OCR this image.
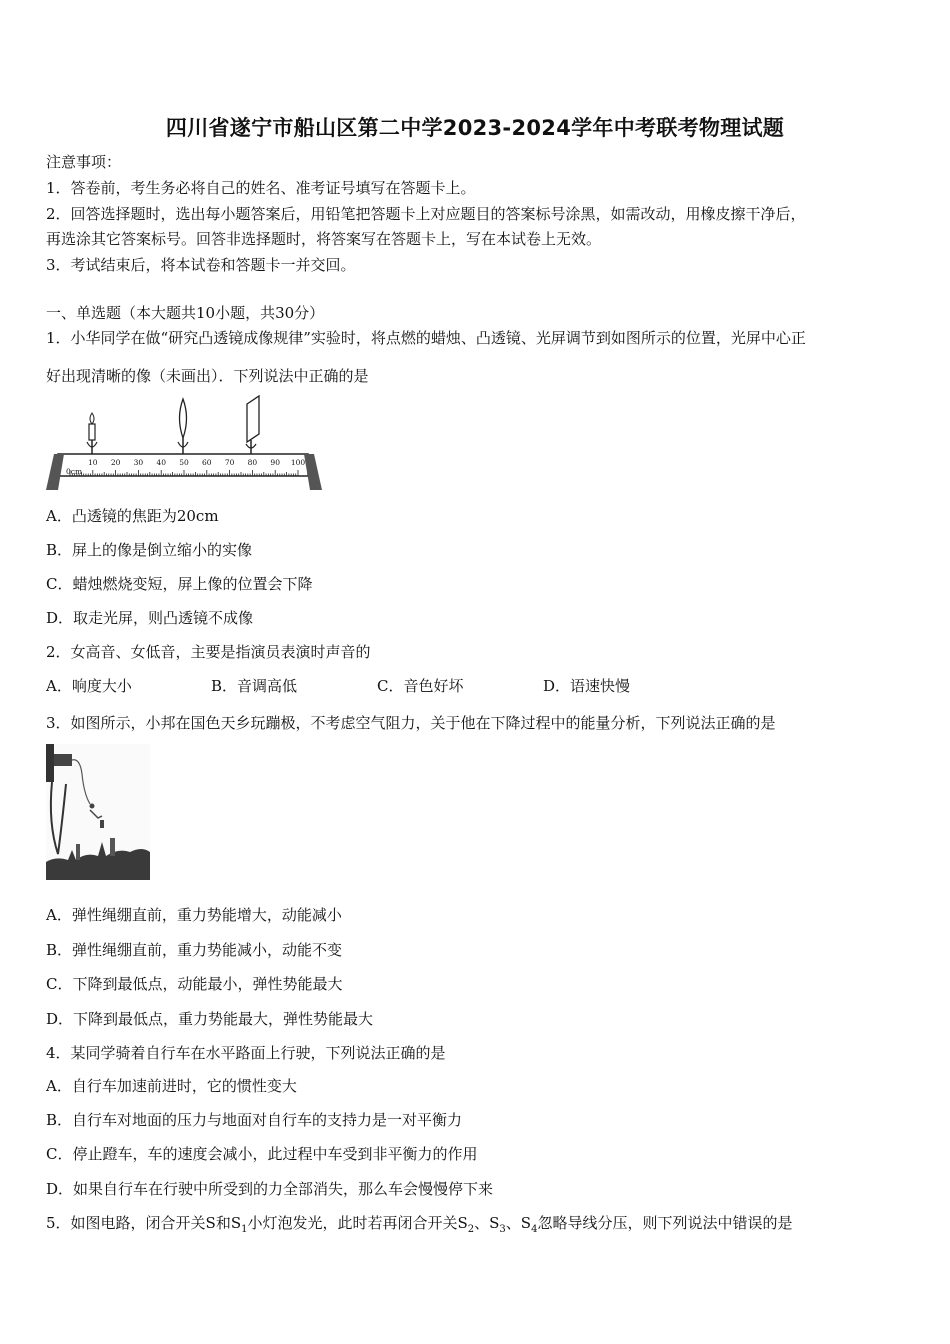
四川省遂宁市船山区第二中学2023-2024学年中考联考物理试题
注意事项：
1．答卷前，考生务必将自己的姓名、准考证号填写在答题卡上。
2．回答选择题时，选出每小题答案后，用铅笔把答题卡上对应题目的答案标号涂黑，如需改动，用橡皮擦干净后，
再选涂其它答案标号。回答非选择题时，将答案写在答题卡上，写在本试卷上无效。
3．考试结束后，将本试卷和答题卡一并交回。
一、单选题（本大题共10小题，共30分）
1．小华同学在做“研究凸透镜成像规律”实验时，将点燃的蜡烛、凸透镜、光屏调节到如图所示的位置，光屏中心正
好出现清晰的像（未画出）．下列说法中正确的是
0cm
10 20 30 40 50 60 70 80 90 100
A．凸透镜的焦距为20cm
B．屏上的像是倒立缩小的实像
C．蜡烛燃烧变短，屏上像的位置会下降
D．取走光屏，则凸透镜不成像
2．女高音、女低音，主要是指演员表演时声音的
A．响度大小	B．音调高低	C．音色好坏	D．语速快慢
3．如图所示，小邦在国色天乡玩蹦极，不考虑空气阻力，关于他在下降过程中的能量分析，下列说法正确的是
A．弹性绳绷直前，重力势能增大，动能减小
B．弹性绳绷直前，重力势能减小，动能不变
C．下降到最低点，动能最小，弹性势能最大
D．下降到最低点，重力势能最大，弹性势能最大
4．某同学骑着自行车在水平路面上行驶，下列说法正确的是
A．自行车加速前进时，它的惯性变大
B．自行车对地面的压力与地面对自行车的支持力是一对平衡力
C．停止蹬车，车的速度会减小，此过程中车受到非平衡力的作用
D．如果自行车在行驶中所受到的力全部消失，那么车会慢慢停下来
5．如图电路，闭合开关S和$S_1$小灯泡发光，此时若再闭合开关$S_2$、$S_3$、$S_4$忽略导线分压，则下列说法中错误的是
